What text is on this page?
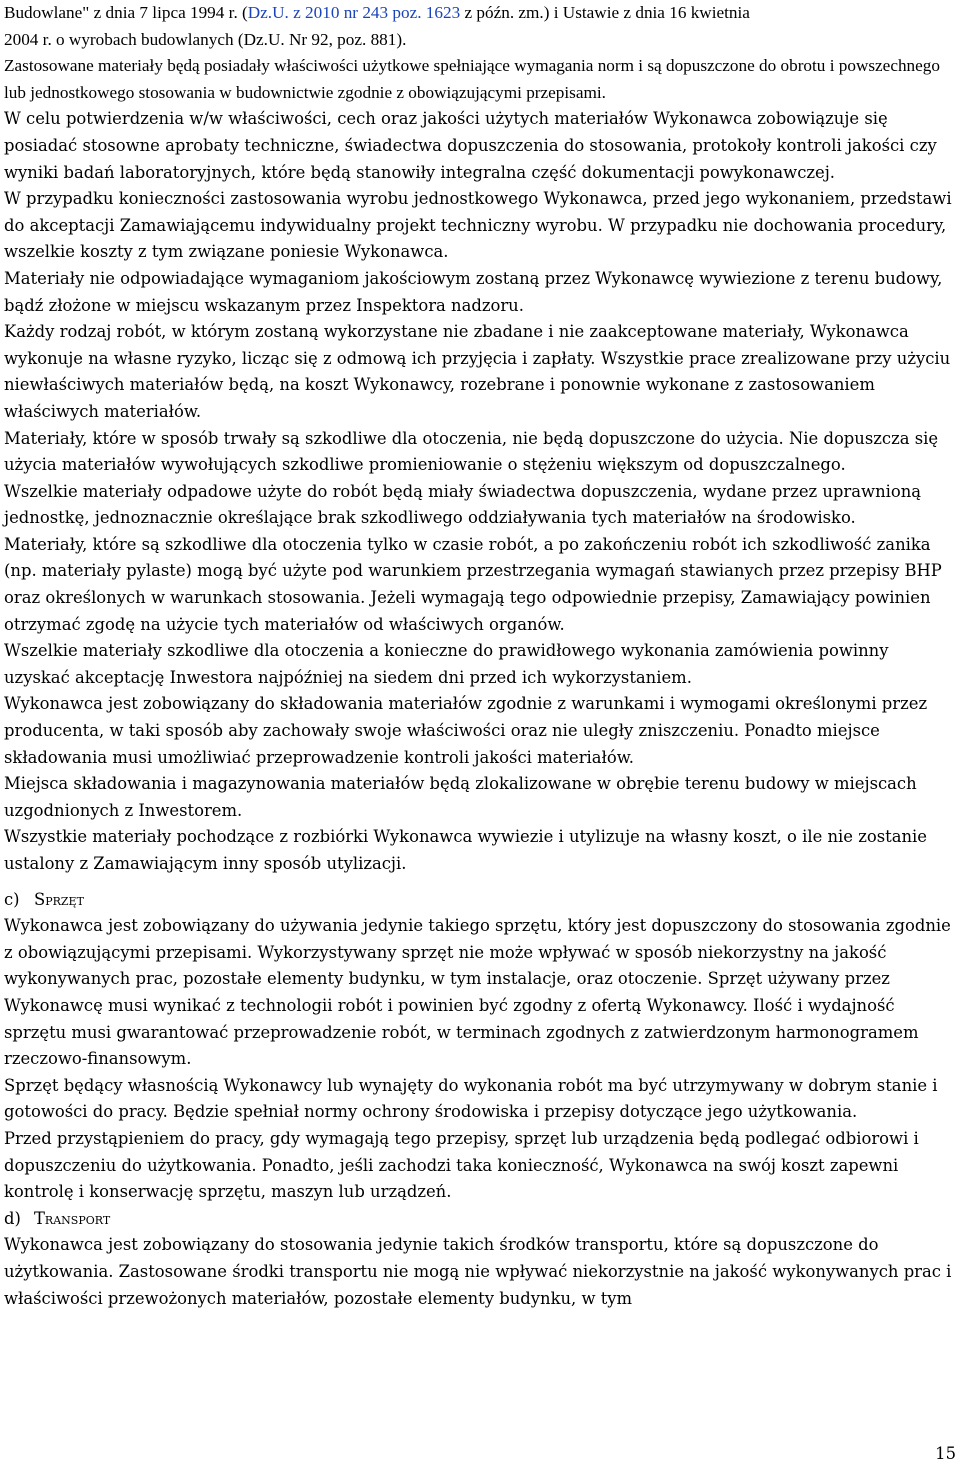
Budowlane" z dnia 7 lipca 1994 r. (Dz.U. z 2010 nr 243 poz. 1623 z późn. zm.) i Ustawie z dnia 16 kwietnia
2004 r. o wyrobach budowlanych (Dz.U. Nr 92, poz. 881).
Zastosowane materiały będą posiadały właściwości użytkowe spełniające wymagania norm i są dopuszczone do obrotu i powszechnego lub jednostkowego stosowania w budownictwie zgodnie z obowiązującymi przepisami.

W celu potwierdzenia w/w właściwości, cech oraz jakości użytych materiałów Wykonawca zobowiązuje się posiadać stosowne aprobaty techniczne, świadectwa dopuszczenia do stosowania, protokoły kontroli jakości czy wyniki badań laboratoryjnych, które będą stanowiły integralna część dokumentacji powykonawczej.

W przypadku konieczności zastosowania wyrobu jednostkowego Wykonawca, przed jego wykonaniem, przedstawi do akceptacji Zamawiającemu indywidualny projekt techniczny wyrobu. W przypadku nie dochowania procedury, wszelkie koszty z tym związane poniesie Wykonawca.

Materiały nie odpowiadające wymaganiom jakościowym zostaną przez Wykonawcę wywiezione z terenu budowy, bądź złożone w miejscu wskazanym przez Inspektora nadzoru.

Każdy rodzaj robót, w którym zostaną wykorzystane nie zbadane i nie zaakceptowane materiały, Wykonawca wykonuje na własne ryzyko, licząc się z odmową ich przyjęcia i zapłaty. Wszystkie prace zrealizowane przy użyciu niewłaściwych materiałów będą, na koszt Wykonawcy, rozebrane i ponownie wykonane z zastosowaniem właściwych materiałów.

Materiały, które w sposób trwały są szkodliwe dla otoczenia, nie będą dopuszczone do użycia. Nie dopuszcza się użycia materiałów wywołujących szkodliwe promieniowanie o stężeniu większym od dopuszczalnego.

Wszelkie materiały odpadowe użyte do robót będą miały świadectwa dopuszczenia, wydane przez uprawnioną jednostkę, jednoznacznie określające brak szkodliwego oddziaływania tych materiałów na środowisko.

Materiały, które są szkodliwe dla otoczenia tylko w czasie robót, a po zakończeniu robót ich szkodliwość zanika (np. materiały pylaste) mogą być użyte pod warunkiem przestrzegania wymagań stawianych przez przepisy BHP oraz określonych w warunkach stosowania. Jeżeli wymagają tego odpowiednie przepisy, Zamawiający powinien otrzymać zgodę na użycie tych materiałów od właściwych organów.

Wszelkie materiały szkodliwe dla otoczenia a konieczne do prawidłowego wykonania zamówienia powinny uzyskać akceptację Inwestora najpóźniej na siedem dni przed ich wykorzystaniem.

Wykonawca jest zobowiązany do składowania materiałów zgodnie z warunkami i wymogami określonymi przez producenta, w taki sposób aby zachowały swoje właściwości oraz nie uległy zniszczeniu. Ponadto miejsce składowania musi umożliwiać przeprowadzenie kontroli jakości materiałów.

Miejsca składowania i magazynowania materiałów będą zlokalizowane w obrębie terenu budowy w miejscach uzgodnionych z Inwestorem.

Wszystkie materiały pochodzące z rozbiórki Wykonawca wywiezie i utylizuje na własny koszt, o ile nie zostanie ustalony z Zamawiającym inny sposób utylizacji.

c) Sprzęt

Wykonawca jest zobowiązany do używania jedynie takiego sprzętu, który jest dopuszczony do stosowania zgodnie z obowiązującymi przepisami. Wykorzystywany sprzęt nie może wpływać w sposób niekorzystny na jakość wykonywanych prac, pozostałe elementy budynku, w tym instalacje, oraz otoczenie. Sprzęt używany przez Wykonawcę musi wynikać z technologii robót i powinien być zgodny z ofertą Wykonawcy. Ilość i wydajność sprzętu musi gwarantować przeprowadzenie robót, w terminach zgodnych z zatwierdzonym harmonogramem rzeczowo-finansowym.

Sprzęt będący własnością Wykonawcy lub wynajęty do wykonania robót ma być utrzymywany w dobrym stanie i gotowości do pracy. Będzie spełniał normy ochrony środowiska i przepisy dotyczące jego użytkowania.

Przed przystąpieniem do pracy, gdy wymagają tego przepisy, sprzęt lub urządzenia będą podlegać odbiorowi i dopuszczeniu do użytkowania. Ponadto, jeśli zachodzi taka konieczność, Wykonawca na swój koszt zapewni kontrolę i konserwację sprzętu, maszyn lub urządzeń.

d) Transport

Wykonawca jest zobowiązany do stosowania jedynie takich środków transportu, które są dopuszczone do użytkowania. Zastosowane środki transportu nie mogą nie wpływać niekorzystnie na jakość wykonywanych prac i właściwości przewożonych materiałów, pozostałe elementy budynku, w tym

15
